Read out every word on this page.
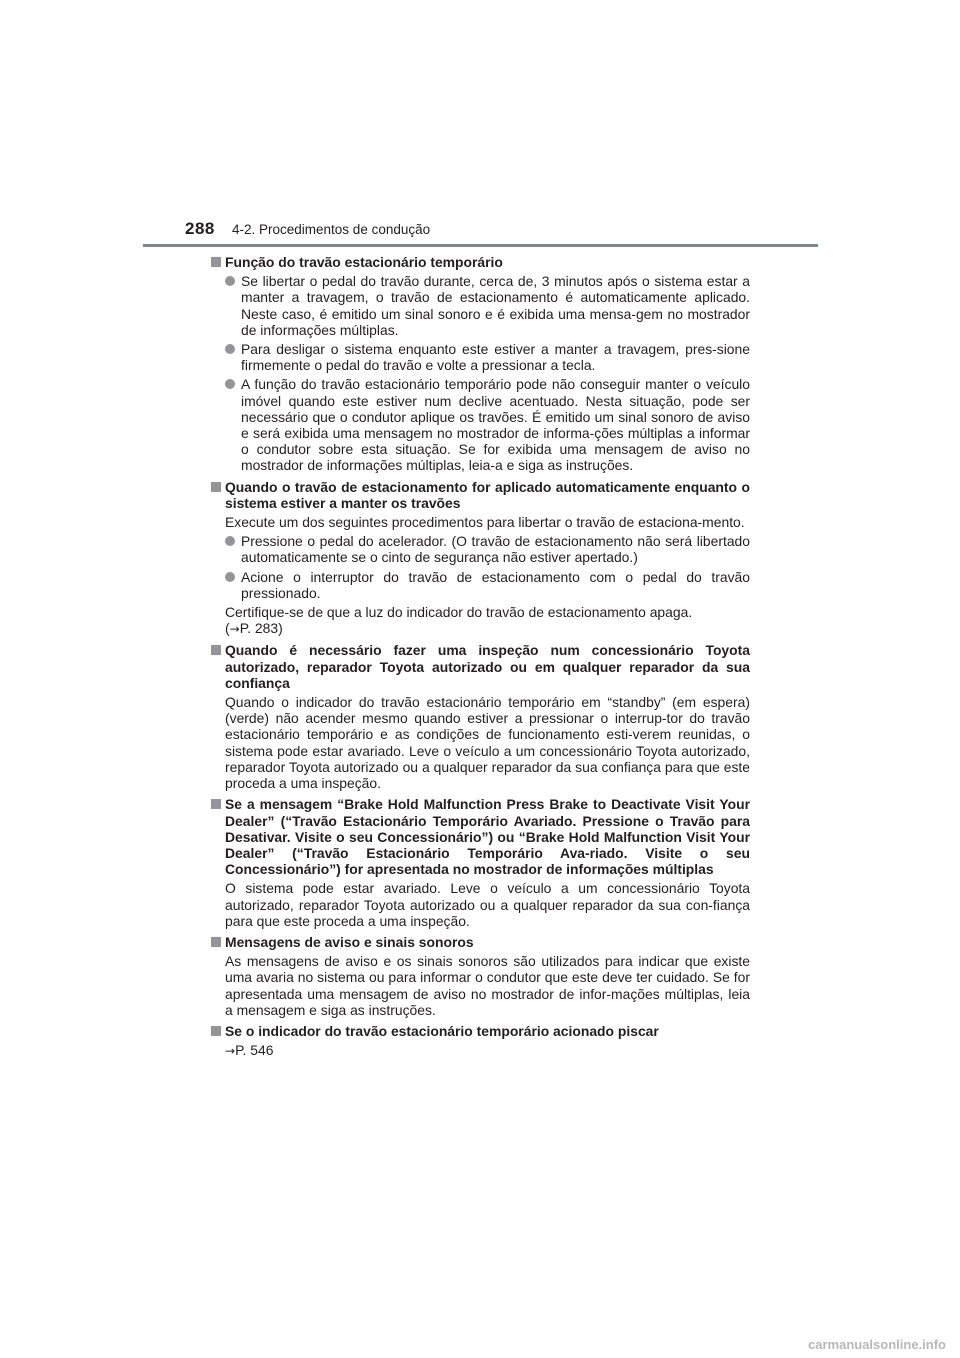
288 4-2. Procedimentos de condução
Função do travão estacionário temporário
Se libertar o pedal do travão durante, cerca de, 3 minutos após o sistema estar a manter a travagem, o travão de estacionamento é automaticamente aplicado. Neste caso, é emitido um sinal sonoro e é exibida uma mensa-gem no mostrador de informações múltiplas.
Para desligar o sistema enquanto este estiver a manter a travagem, pres-sione firmemente o pedal do travão e volte a pressionar a tecla.
A função do travão estacionário temporário pode não conseguir manter o veículo imóvel quando este estiver num declive acentuado. Nesta situação, pode ser necessário que o condutor aplique os travões. É emitido um sinal sonoro de aviso e será exibida uma mensagem no mostrador de informa-ções múltiplas a informar o condutor sobre esta situação. Se for exibida uma mensagem de aviso no mostrador de informações múltiplas, leia-a e siga as instruções.
Quando o travão de estacionamento for aplicado automaticamente enquanto o sistema estiver a manter os travões
Execute um dos seguintes procedimentos para libertar o travão de estaciona-mento.
Pressione o pedal do acelerador. (O travão de estacionamento não será libertado automaticamente se o cinto de segurança não estiver apertado.)
Acione o interruptor do travão de estacionamento com o pedal do travão pressionado.
Certifique-se de que a luz do indicador do travão de estacionamento apaga.
(→P. 283)
Quando é necessário fazer uma inspeção num concessionário Toyota autorizado, reparador Toyota autorizado ou em qualquer reparador da sua confiança
Quando o indicador do travão estacionário temporário em “standby” (em espera) (verde) não acender mesmo quando estiver a pressionar o interrup-tor do travão estacionário temporário e as condições de funcionamento esti-verem reunidas, o sistema pode estar avariado. Leve o veículo a um concessionário Toyota autorizado, reparador Toyota autorizado ou a qualquer reparador da sua confiança para que este proceda a uma inspeção.
Se a mensagem “Brake Hold Malfunction Press Brake to Deactivate Visit Your Dealer” (“Travão Estacionário Temporário Avariado. Pressione o Travão para Desativar. Visite o seu Concessionário”) ou “Brake Hold Malfunction Visit Your Dealer” (“Travão Estacionário Temporário Ava-riado. Visite o seu Concessionário”) for apresentada no mostrador de informações múltiplas
O sistema pode estar avariado. Leve o veículo a um concessionário Toyota autorizado, reparador Toyota autorizado ou a qualquer reparador da sua con-fiança para que este proceda a uma inspeção.
Mensagens de aviso e sinais sonoros
As mensagens de aviso e os sinais sonoros são utilizados para indicar que existe uma avaria no sistema ou para informar o condutor que este deve ter cuidado. Se for apresentada uma mensagem de aviso no mostrador de infor-mações múltiplas, leia a mensagem e siga as instruções.
Se o indicador do travão estacionário temporário acionado piscar
→P. 546
carmanualsonline.info
